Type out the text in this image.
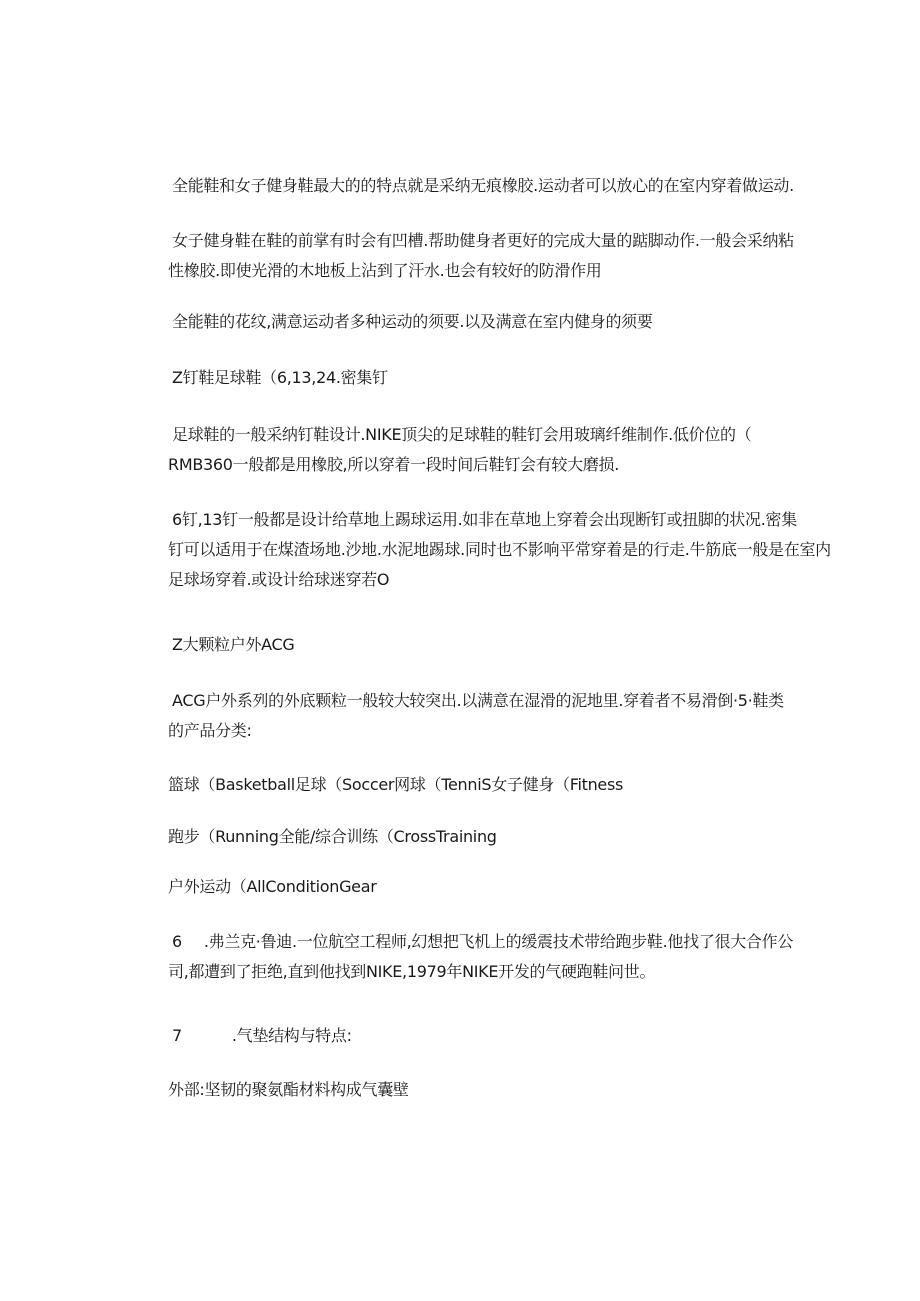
全能鞋和女子健身鞋最大的的特点就是采纳无痕橡胶.运动者可以放心的在室内穿着做运动.

女子健身鞋在鞋的前掌有时会有凹槽.帮助健身者更好的完成大量的踮脚动作.一般会采纳粘
性橡胶.即使光滑的木地板上沾到了汗水.也会有较好的防滑作用

全能鞋的花纹,满意运动者多种运动的须要.以及满意在室内健身的须要

Z钉鞋足球鞋（6,13,24.密集钉

足球鞋的一般采纳钉鞋设计.NIKE顶尖的足球鞋的鞋钉会用玻璃纤维制作.低价位的（
RMB360一般都是用橡胶,所以穿着一段时间后鞋钉会有较大磨损.

6钉,13钉一般都是设计给草地上踢球运用.如非在草地上穿着会出现断钉或扭脚的状况.密集
钉可以适用于在煤渣场地.沙地.水泥地踢球.同时也不影响平常穿着是的行走.牛筋底一般是在室内
足球场穿着.或设计给球迷穿若O

Z大颗粒户外ACG

ACG户外系列的外底颗粒一般较大较突出.以满意在湿滑的泥地里.穿着者不易滑倒·5·鞋类
的产品分类:

篮球（Basketball足球（Soccer网球（TenniS女子健身（Fitness

跑步（Running全能/综合训练（CrossTraining

户外运动（AllConditionGear

6 .弗兰克·鲁迪.一位航空工程师,幻想把飞机上的缓震技术带给跑步鞋.他找了很大合作公
司,都遭到了拒绝,直到他找到NIKE,1979年NIKE开发的气硬跑鞋问世。

7	.气垫结构与特点:

外部:坚韧的聚氨酯材料构成气囊壁
